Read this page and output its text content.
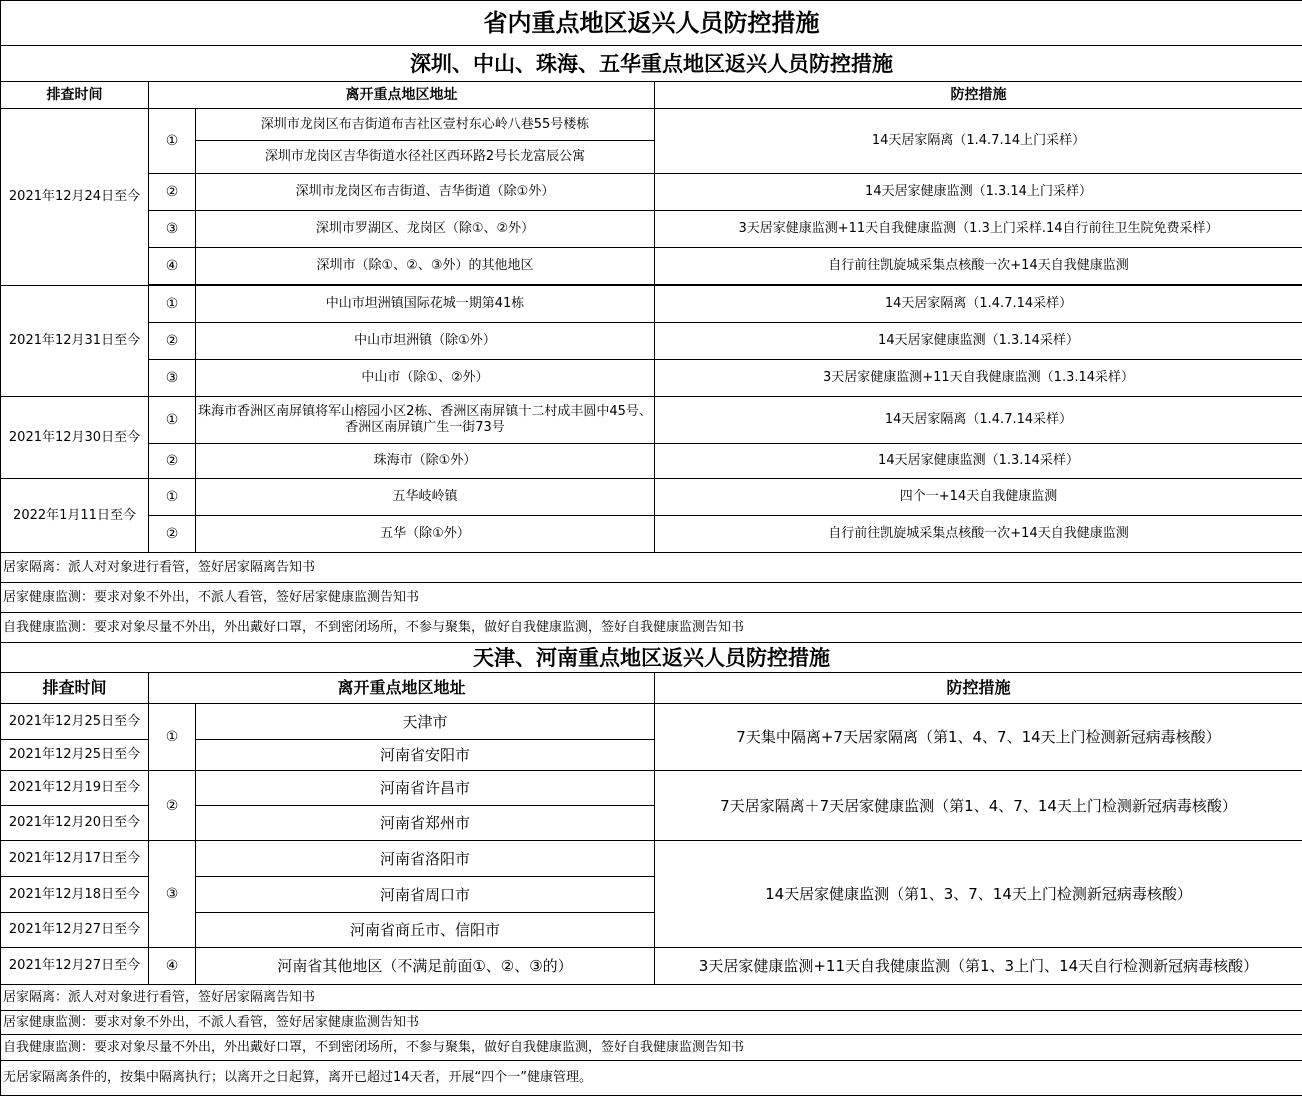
省内重点地区返兴人员防控措施			
深圳、中山、珠海、五华重点地区返兴人员防控措施			
排查时间	离开重点地区地址		防控措施
2021年12月24日至今	①	深圳市龙岗区布吉街道布吉社区壹村东心岭八巷55号楼栋	14天居家隔离（1.4.7.14上门采样）
		深圳市龙岗区吉华街道水径社区西环路2号长龙富辰公寓	
	②	深圳市龙岗区布吉街道、吉华街道（除①外）	14天居家健康监测（1.3.14上门采样）
	③	深圳市罗湖区、龙岗区（除①、②外）	3天居家健康监测+11天自我健康监测（1.3上门采样.14自行前往卫生院免费采样）
	④	深圳市（除①、②、③外）的其他地区	自行前往凯旋城采集点核酸一次+14天自我健康监测

2021年12月31日至今	①	中山市坦洲镇国际花城一期第41栋	14天居家隔离（1.4.7.14采样）
	②	中山市坦洲镇（除①外）	14天居家健康监测（1.3.14采样）
	③	中山市（除①、②外）	3天居家健康监测+11天自我健康监测（1.3.14采样）
2021年12月30日至今	①	珠海市香洲区南屏镇将军山榕园小区2栋、香洲区南屏镇十二村成丰圆中45号、香洲区南屏镇广生一街73号	14天居家隔离（1.4.7.14采样）
	②	珠海市（除①外）	14天居家健康监测（1.3.14采样）
2022年1月11日至今	①	五华岐岭镇	四个一+14天自我健康监测
	②	五华（除①外）	自行前往凯旋城采集点核酸一次+14天自我健康监测
居家隔离：派人对对象进行看管，签好居家隔离告知书			
居家健康监测：要求对象不外出，不派人看管，签好居家健康监测告知书			
自我健康监测：要求对象尽量不外出，外出戴好口罩，不到密闭场所，不参与聚集，做好自我健康监测，签好自我健康监测告知书			
天津、河南重点地区返兴人员防控措施			
排查时间	离开重点地区地址		防控措施
2021年12月25日至今	①	天津市	7天集中隔离+7天居家隔离（第1、4、7、14天上门检测新冠病毒核酸）
2021年12月25日至今		河南省安阳市	
2021年12月19日至今	②	河南省许昌市	7天居家隔离＋7天居家健康监测（第1、4、7、14天上门检测新冠病毒核酸）
2021年12月20日至今		河南省郑州市	
2021年12月17日至今	③	河南省洛阳市	14天居家健康监测（第1、3、7、14天上门检测新冠病毒核酸）
2021年12月18日至今		河南省周口市	
2021年12月27日至今		河南省商丘市、信阳市	
2021年12月27日至今	④	河南省其他地区（不满足前面①、②、③的）	3天居家健康监测+11天自我健康监测（第1、3上门、14天自行检测新冠病毒核酸）
居家隔离：派人对对象进行看管，签好居家隔离告知书			
居家健康监测：要求对象不外出，不派人看管，签好居家健康监测告知书			
自我健康监测：要求对象尽量不外出，外出戴好口罩，不到密闭场所，不参与聚集，做好自我健康监测，签好自我健康监测告知书			
无居家隔离条件的，按集中隔离执行；以离开之日起算，离开已超过14天者，开展“四个一”健康管理。			
